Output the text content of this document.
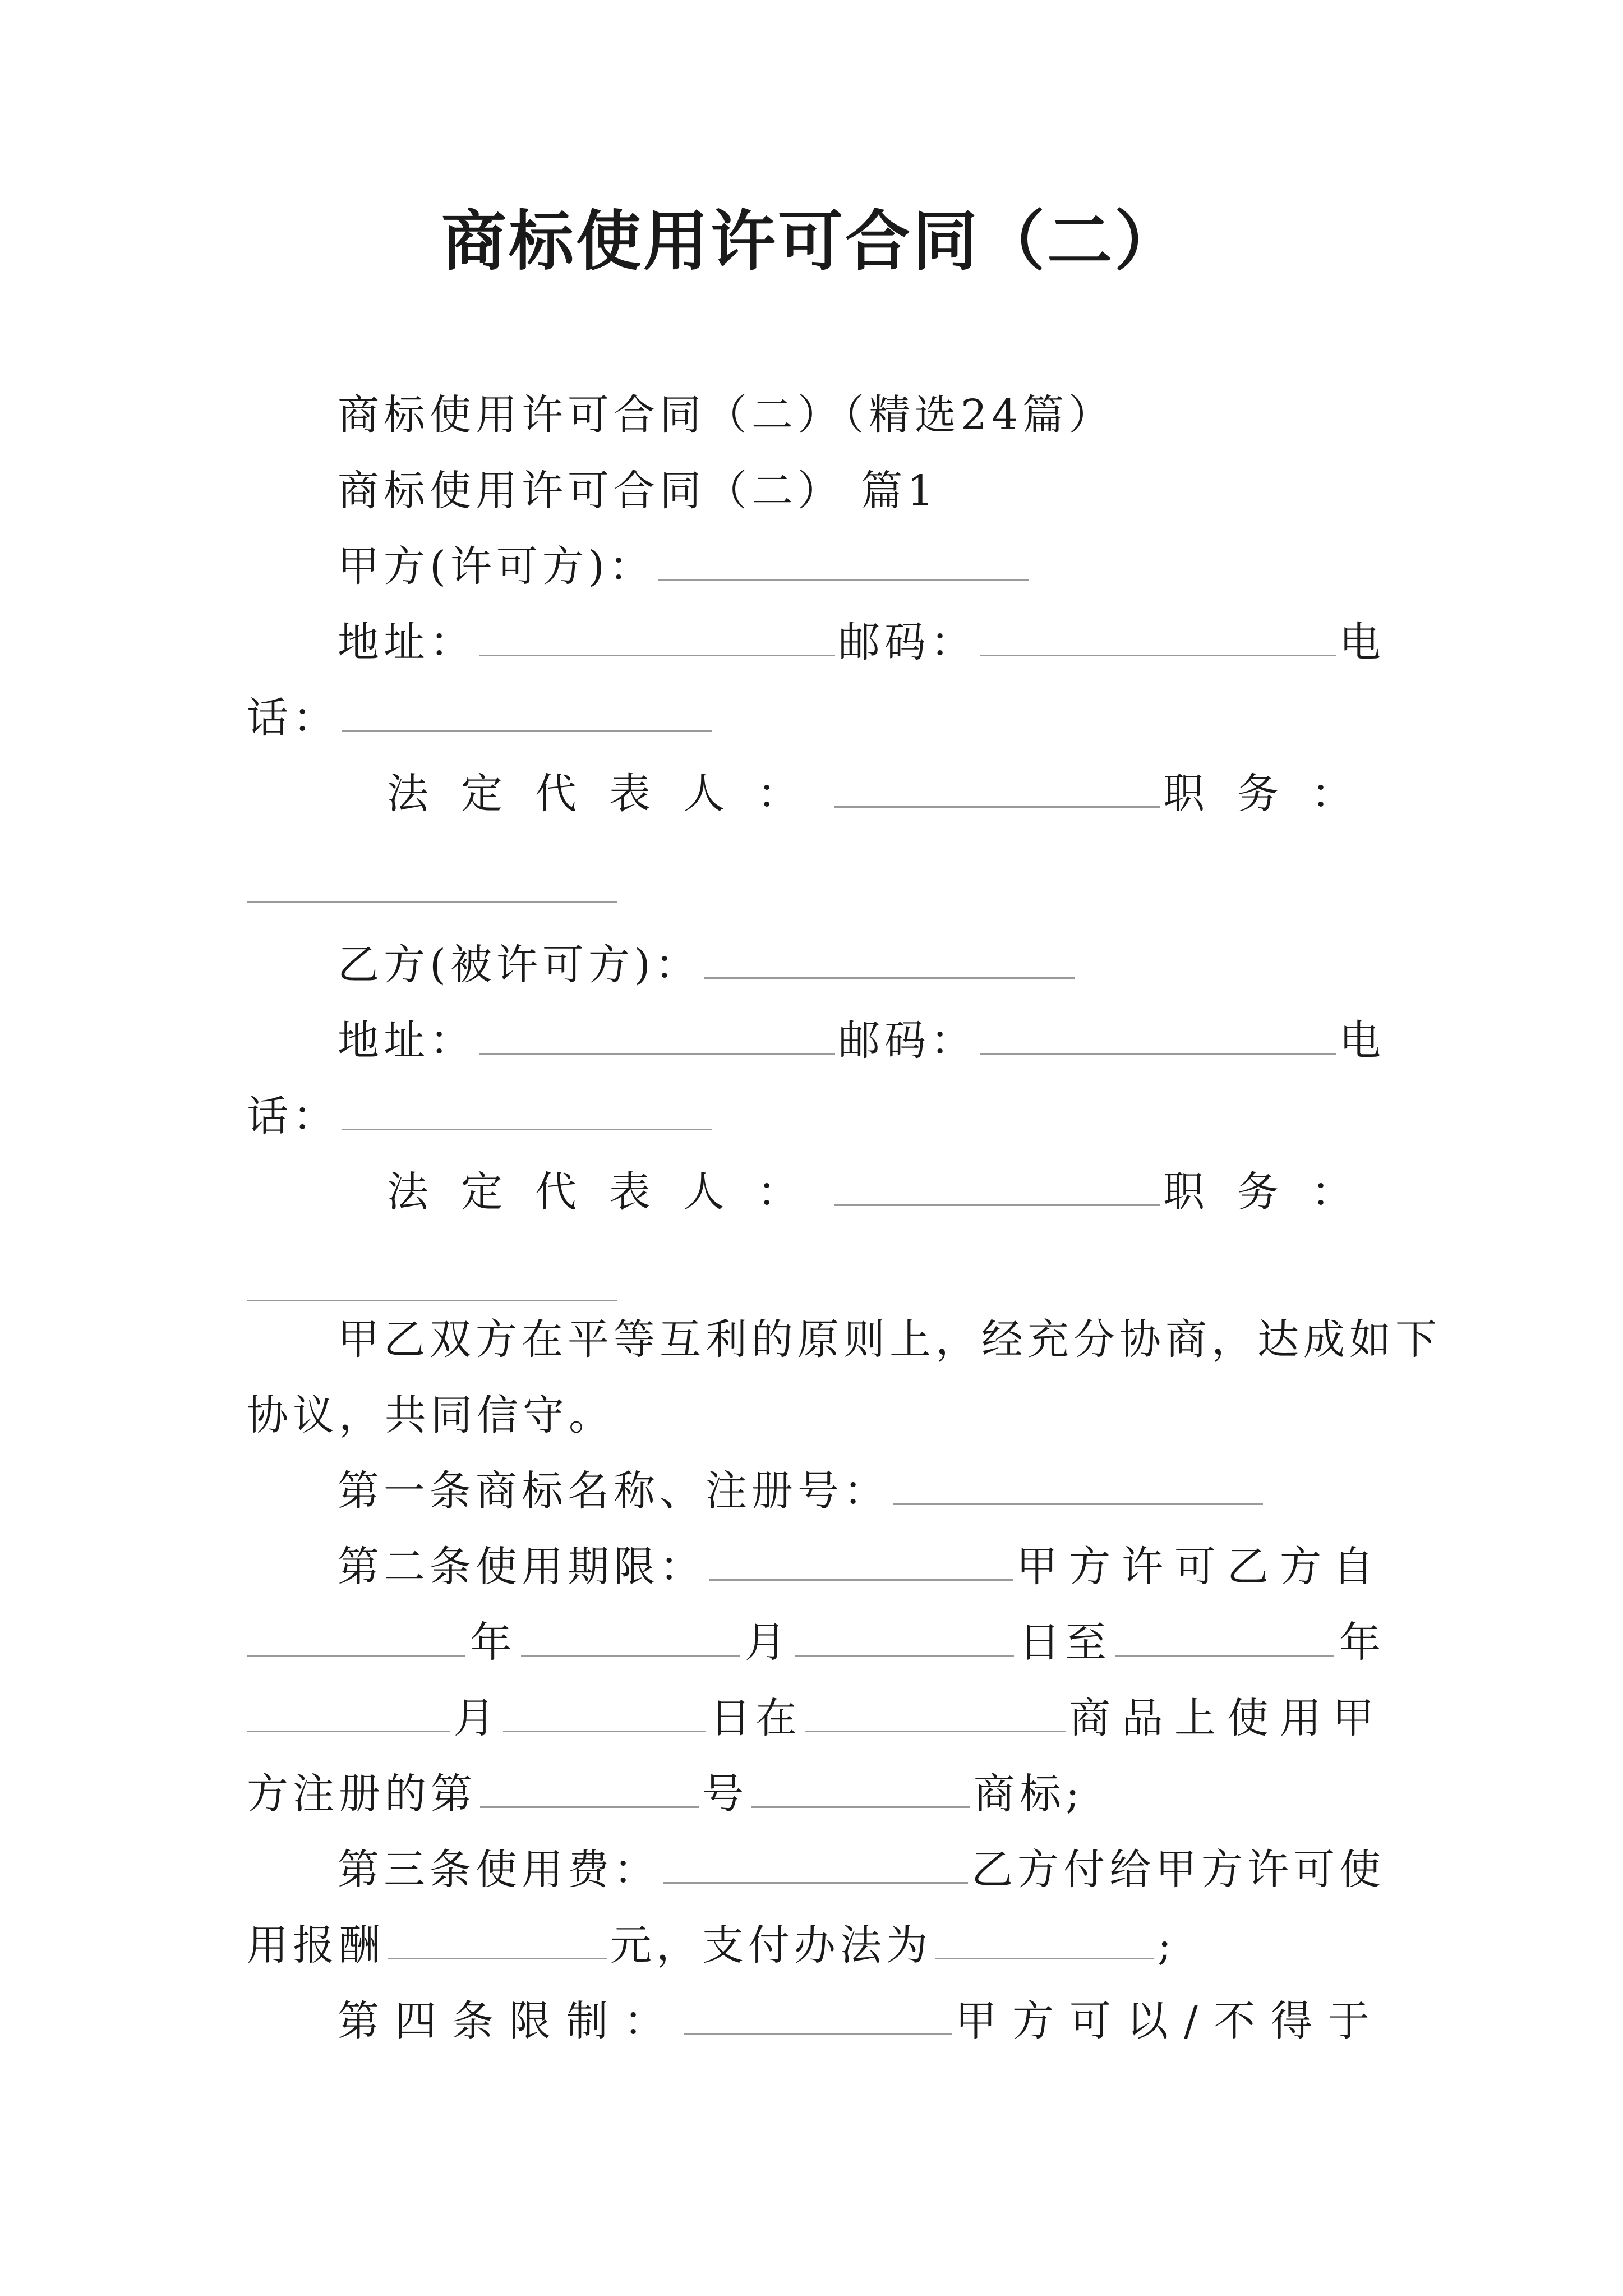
商标使用许可合同（二）
商标使用许可合同（二）（精选24篇）
商标使用许可合同（二） 篇1
甲方(许可方)：
地址：	邮码：	电
话：
法定代表人：	职务：
乙方(被许可方)：
地址：	邮码：	电
话：
法定代表人：	职务：
甲乙双方在平等互利的原则上，经充分协商，达成如下
协议，共同信守。
第一条商标名称、注册号：
第二条使用期限：	甲方许可乙方自
年	月	日至	年
月	日在	商品上使用甲
方注册的第	号	商标;
第三条使用费：	乙方付给甲方许可使
用报酬	元，支付办法为	;
第四条限制：	甲方可以/不得于
